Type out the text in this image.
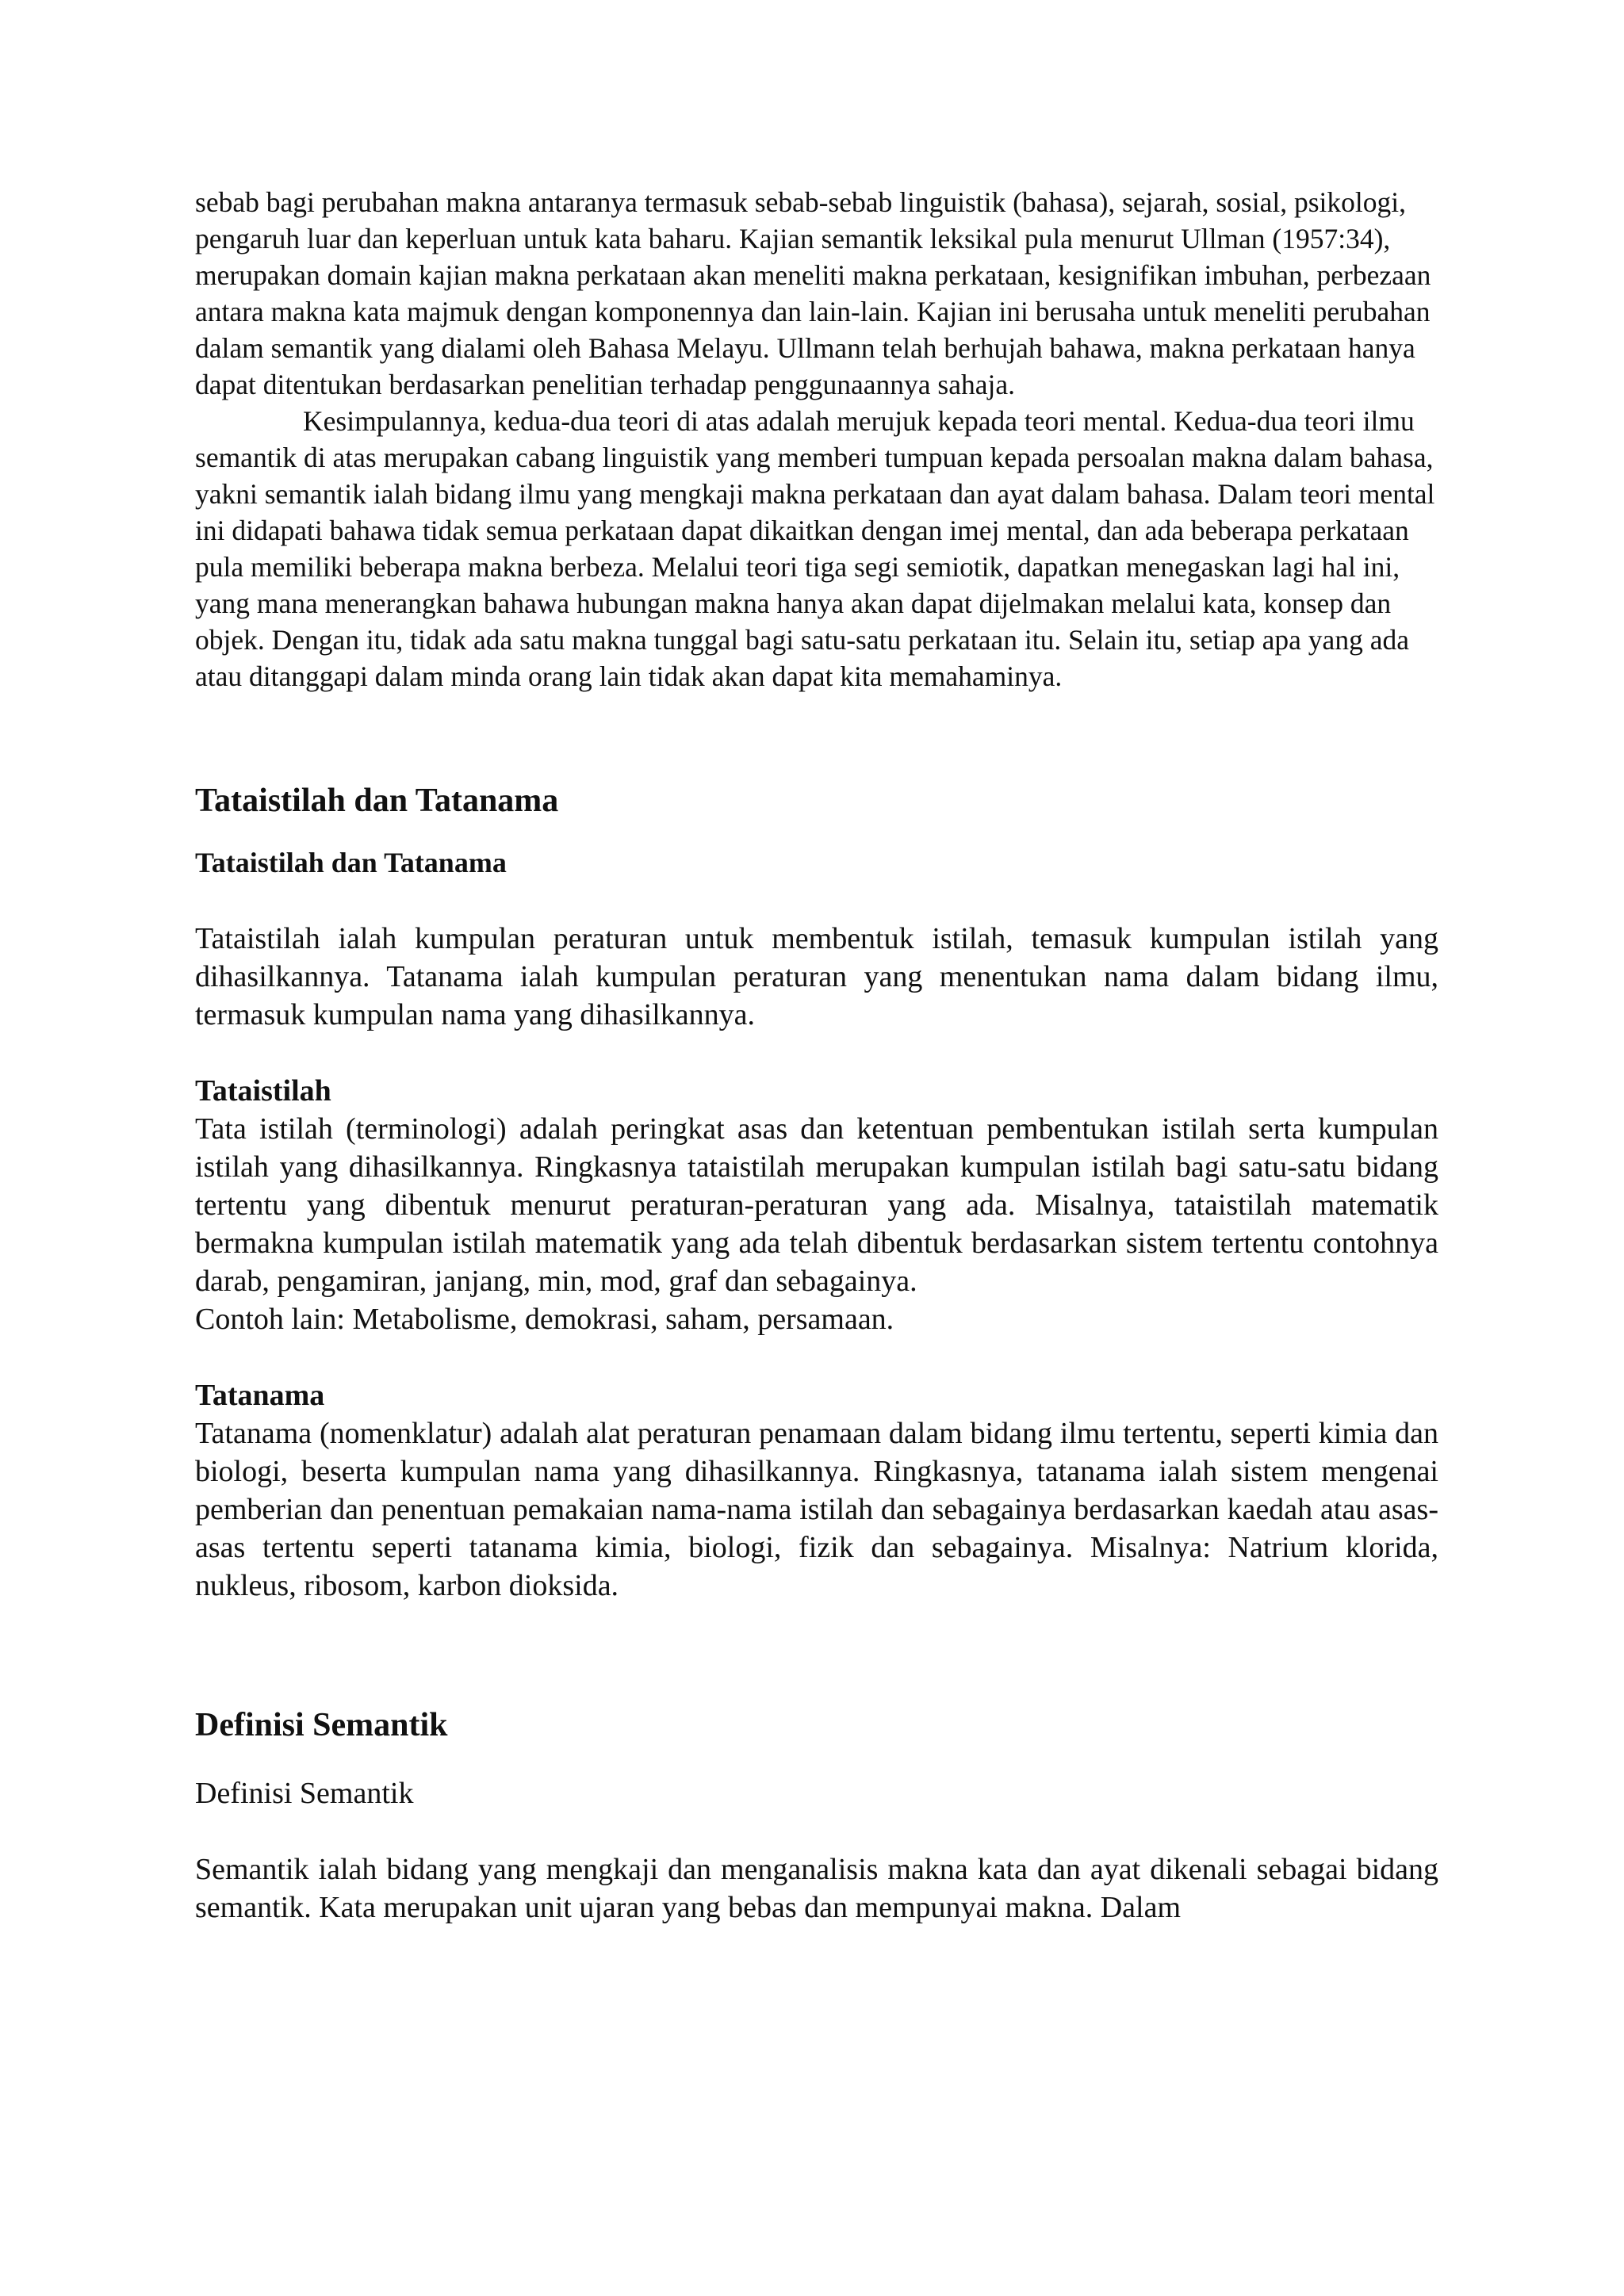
sebab bagi perubahan makna antaranya termasuk sebab-sebab linguistik (bahasa), sejarah, sosial, psikologi, pengaruh luar dan keperluan untuk kata baharu. Kajian semantik leksikal pula menurut Ullman (1957:34), merupakan domain kajian makna perkataan akan meneliti makna perkataan, kesignifikan imbuhan, perbezaan antara makna kata majmuk dengan komponennya dan lain-lain. Kajian ini berusaha untuk meneliti perubahan dalam semantik yang dialami oleh Bahasa Melayu. Ullmann telah berhujah bahawa, makna perkataan hanya dapat ditentukan berdasarkan penelitian terhadap penggunaannya sahaja.

Kesimpulannya, kedua-dua teori di atas adalah merujuk kepada teori mental. Kedua-dua teori ilmu semantik di atas merupakan cabang linguistik yang memberi tumpuan kepada persoalan makna dalam bahasa, yakni semantik ialah bidang ilmu yang mengkaji makna perkataan dan ayat dalam bahasa. Dalam teori mental ini didapati bahawa tidak semua perkataan dapat dikaitkan dengan imej mental, dan ada beberapa perkataan pula memiliki beberapa makna berbeza. Melalui teori tiga segi semiotik, dapatkan menegaskan lagi hal ini, yang mana menerangkan bahawa hubungan makna hanya akan dapat dijelmakan melalui kata, konsep dan objek. Dengan itu, tidak ada satu makna tunggal bagi satu-satu perkataan itu. Selain itu, setiap apa yang ada atau ditanggapi dalam minda orang lain tidak akan dapat kita memahaminya.

Tataistilah dan Tatanama
Tataistilah dan Tatanama

Tataistilah ialah kumpulan peraturan untuk membentuk istilah, temasuk kumpulan istilah yang dihasilkannya. Tatanama ialah kumpulan peraturan yang menentukan nama dalam bidang ilmu, termasuk kumpulan nama yang dihasilkannya.

Tataistilah

Tata istilah (terminologi) adalah peringkat asas dan ketentuan pembentukan istilah serta kumpulan istilah yang dihasilkannya. Ringkasnya tataistilah merupakan kumpulan istilah bagi satu-satu bidang tertentu yang dibentuk menurut peraturan-peraturan yang ada. Misalnya, tataistilah matematik bermakna kumpulan istilah matematik yang ada telah dibentuk berdasarkan sistem tertentu contohnya darab, pengamiran, janjang, min, mod, graf dan sebagainya.

Contoh lain: Metabolisme, demokrasi, saham, persamaan.

Tatanama

Tatanama (nomenklatur) adalah alat peraturan penamaan dalam bidang ilmu tertentu, seperti kimia dan biologi, beserta kumpulan nama yang dihasilkannya. Ringkasnya, tatanama ialah sistem mengenai pemberian dan penentuan pemakaian nama-nama istilah dan sebagainya berdasarkan kaedah atau asas-asas tertentu seperti tatanama kimia, biologi, fizik dan sebagainya. Misalnya: Natrium klorida, nukleus, ribosom, karbon dioksida.

Definisi Semantik

Definisi Semantik

Semantik ialah bidang yang mengkaji dan menganalisis makna kata dan ayat dikenali sebagai bidang semantik. Kata merupakan unit ujaran yang bebas dan mempunyai makna. Dalam
